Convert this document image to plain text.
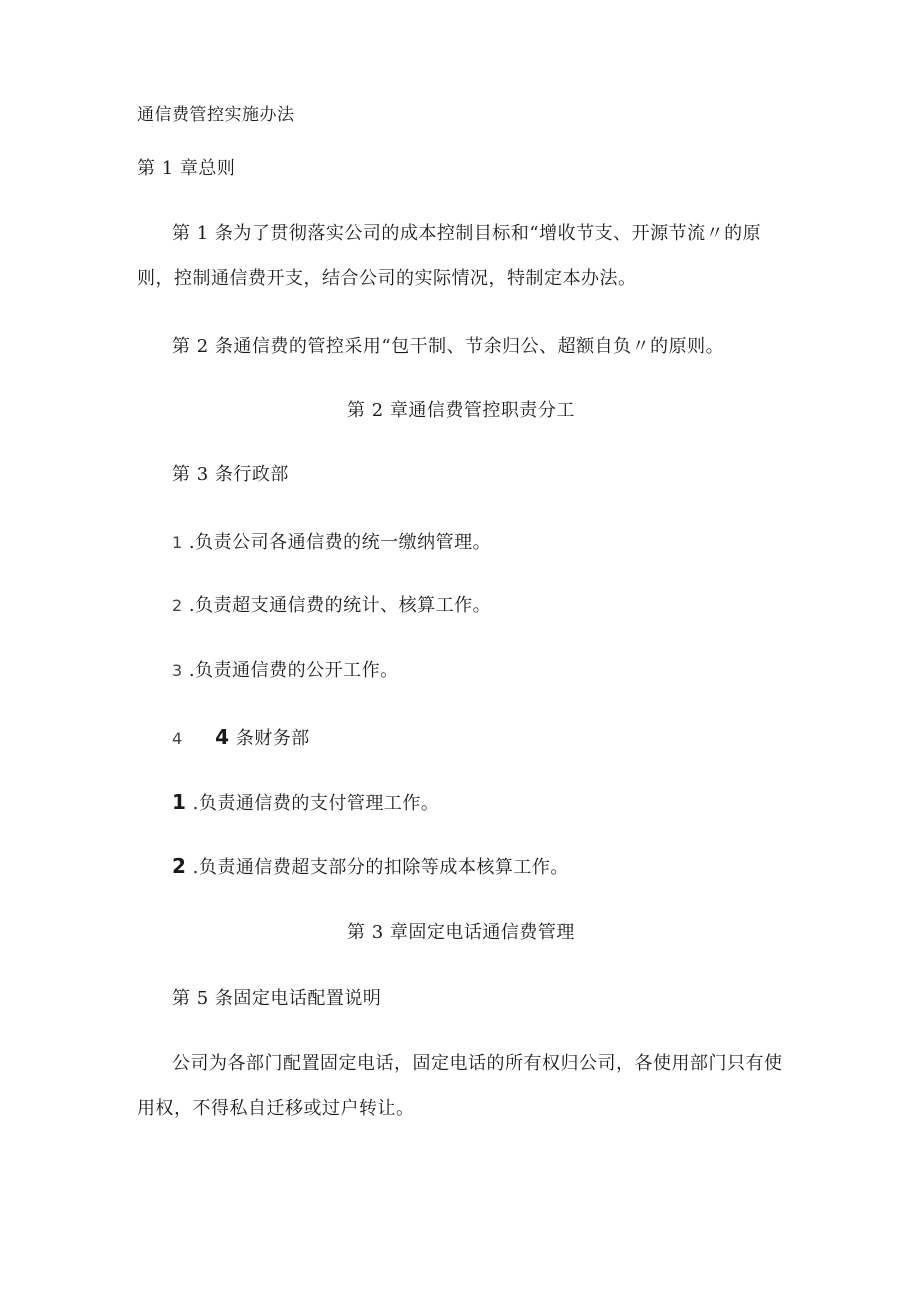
通信费管控实施办法
第 1 章总则
第 1 条为了贯彻落实公司的成本控制目标和“增收节支、开源节流〃的原
则，控制通信费开支，结合公司的实际情况，特制定本办法。
第 2 条通信费的管控采用“包干制、节余归公、超额自负〃的原则。
第 2 章通信费管控职责分工
第 3 条行政部
1 .负责公司各通信费的统一缴纳管理。
2 .负责超支通信费的统计、核算工作。
3 .负责通信费的公开工作。
4 4 条财务部
1 .负责通信费的支付管理工作。
2 .负责通信费超支部分的扣除等成本核算工作。
第 3 章固定电话通信费管理
第 5 条固定电话配置说明
公司为各部门配置固定电话，固定电话的所有权归公司，各使用部门只有使
用权，不得私自迁移或过户转让。
